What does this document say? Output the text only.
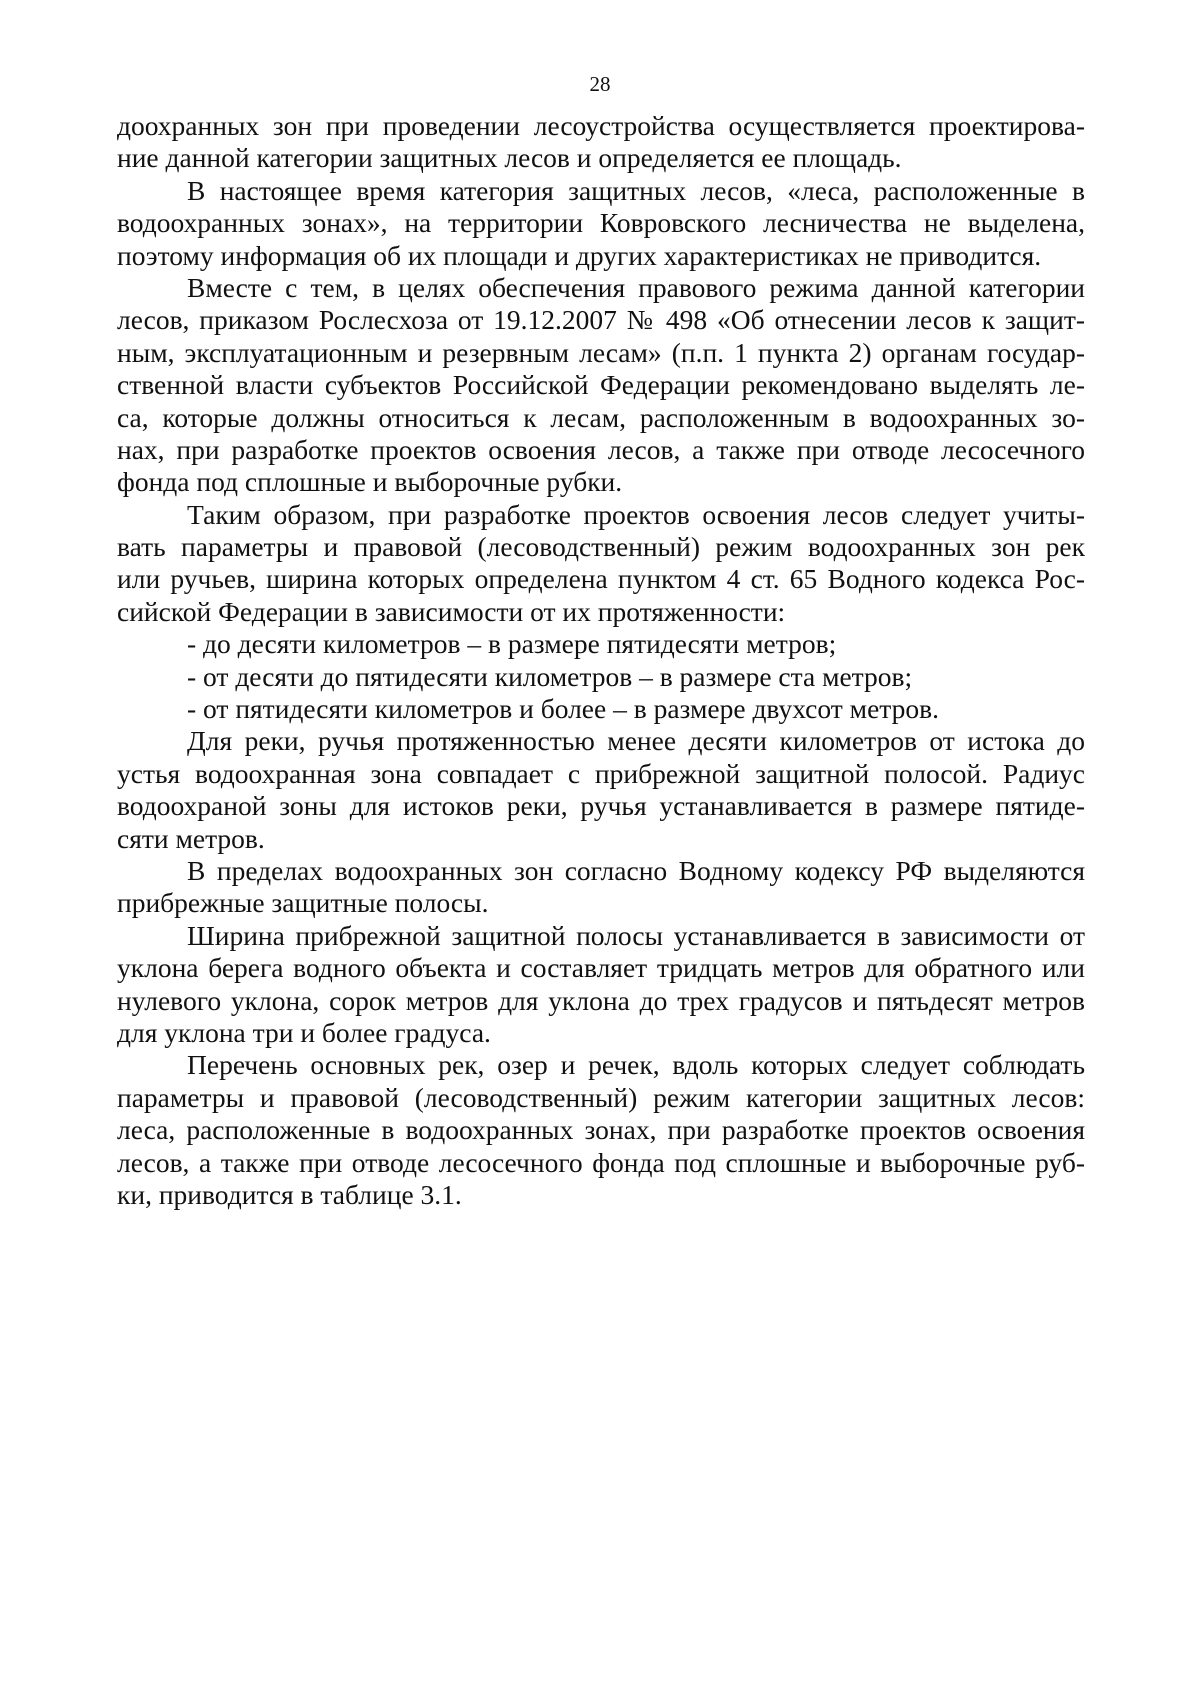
28
доохранных зон при проведении лесоустройства осуществляется проектирова-
ние данной категории защитных лесов и определяется ее площадь.
В настоящее время категория защитных лесов, «леса, расположенные в
водоохранных зонах», на территории Ковровского лесничества не выделена,
поэтому информация об их площади и других характеристиках не приводится.
Вместе с тем, в целях обеспечения правового режима данной категории
лесов, приказом Рослесхоза от 19.12.2007 № 498 «Об отнесении лесов к защит-
ным, эксплуатационным и резервным лесам» (п.п. 1 пункта 2) органам государ-
ственной власти субъектов Российской Федерации рекомендовано выделять ле-
са, которые должны относиться к лесам, расположенным в водоохранных зо-
нах, при разработке проектов освоения лесов, а также при отводе лесосечного
фонда под сплошные и выборочные рубки.
Таким образом, при разработке проектов освоения лесов следует учиты-
вать параметры и правовой (лесоводственный) режим водоохранных зон рек
или ручьев, ширина которых определена пунктом 4 ст. 65 Водного кодекса Рос-
сийской Федерации в зависимости от их протяженности:
- до десяти километров – в размере пятидесяти метров;
- от десяти до пятидесяти километров – в размере ста метров;
- от пятидесяти километров и более – в размере двухсот метров.
Для реки, ручья протяженностью менее десяти километров от истока до
устья водоохранная зона совпадает с прибрежной защитной полосой. Радиус
водоохраной зоны для истоков реки, ручья устанавливается в размере пятиде-
сяти метров.
В пределах водоохранных зон согласно Водному кодексу РФ выделяются
прибрежные защитные полосы.
Ширина прибрежной защитной полосы устанавливается в зависимости от
уклона берега водного объекта и составляет тридцать метров для обратного или
нулевого уклона, сорок метров для уклона до трех градусов и пятьдесят метров
для уклона три и более градуса.
Перечень основных рек, озер и речек, вдоль которых следует соблюдать
параметры и правовой (лесоводственный) режим категории защитных лесов:
леса, расположенные в водоохранных зонах, при разработке проектов освоения
лесов, а также при отводе лесосечного фонда под сплошные и выборочные руб-
ки, приводится в таблице 3.1.
